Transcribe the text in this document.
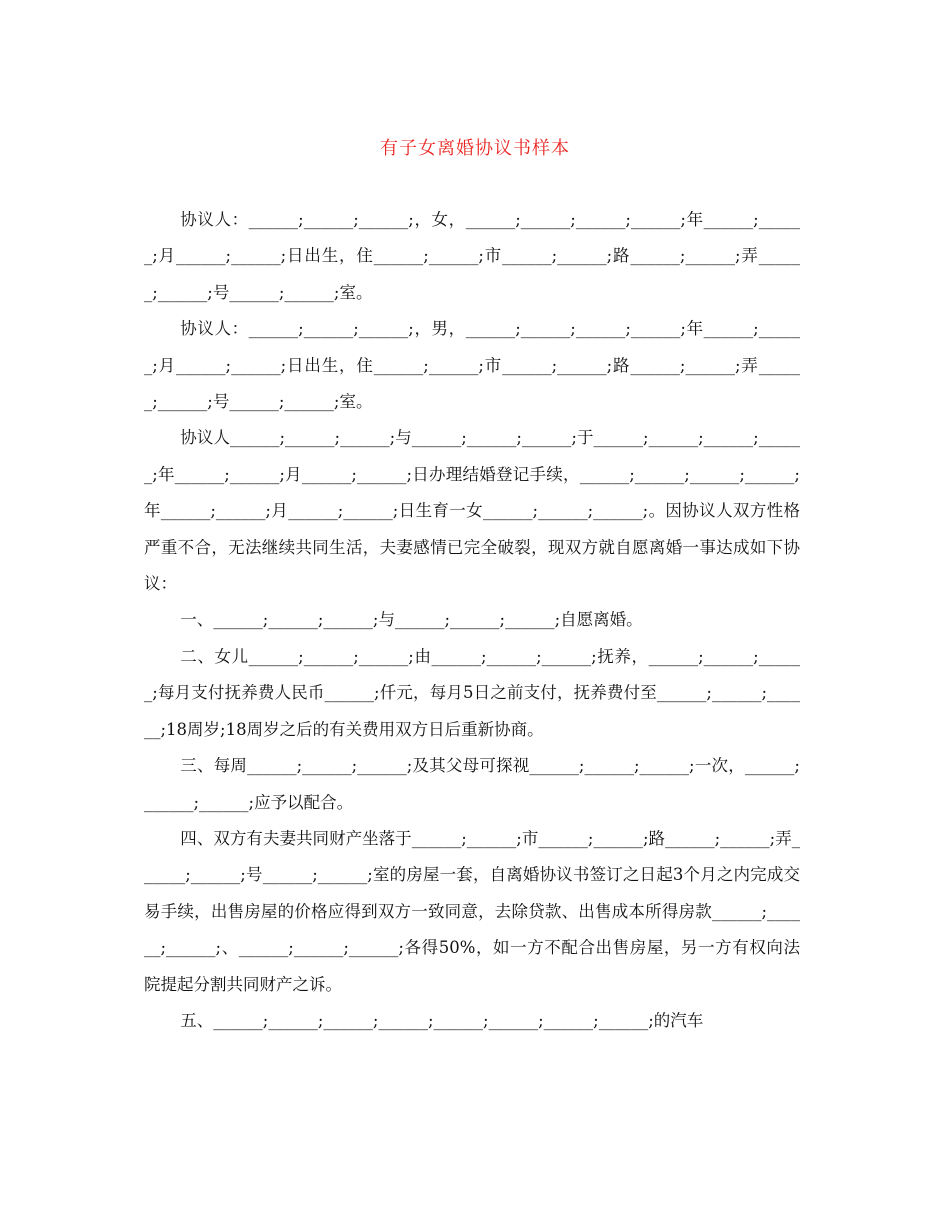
有子女离婚协议书样本

协议人：______;______;______;，女，______;______;______;______;年______;______;月______;______;日出生，住______;______;市______;______;路______;______;弄______;______;号______;______;室。

协议人：______;______;______;，男，______;______;______;______;年______;______;月______;______;日出生，住______;______;市______;______;路______;______;弄______;______;号______;______;室。

协议人______;______;______;与______;______;______;于______;______;______;______;年______;______;月______;______;日办理结婚登记手续，______;______;______;______;年______;______;月______;______;日生育一女______;______;______;。因协议人双方性格严重不合，无法继续共同生活，夫妻感情已完全破裂，现双方就自愿离婚一事达成如下协议：

一、______;______;______;与______;______;______;自愿离婚。

二、女儿______;______;______;由______;______;______;抚养，______;______;______;每月支付抚养费人民币______;仟元，每月5日之前支付，抚养费付至______;______;______;18周岁;18周岁之后的有关费用双方日后重新协商。

三、每周______;______;______;及其父母可探视______;______;______;一次，______;______;______;应予以配合。

四、双方有夫妻共同财产坐落于______;______;市______;______;路______;______;弄______;______;号______;______;室的房屋一套，自离婚协议书签订之日起3个月之内完成交易手续，出售房屋的价格应得到双方一致同意，去除贷款、出售成本所得房款______;______;______;、______;______;______;各得50%，如一方不配合出售房屋，另一方有权向法院提起分割共同财产之诉。

五、______;______;______;______;______;______;______;______;的汽车
